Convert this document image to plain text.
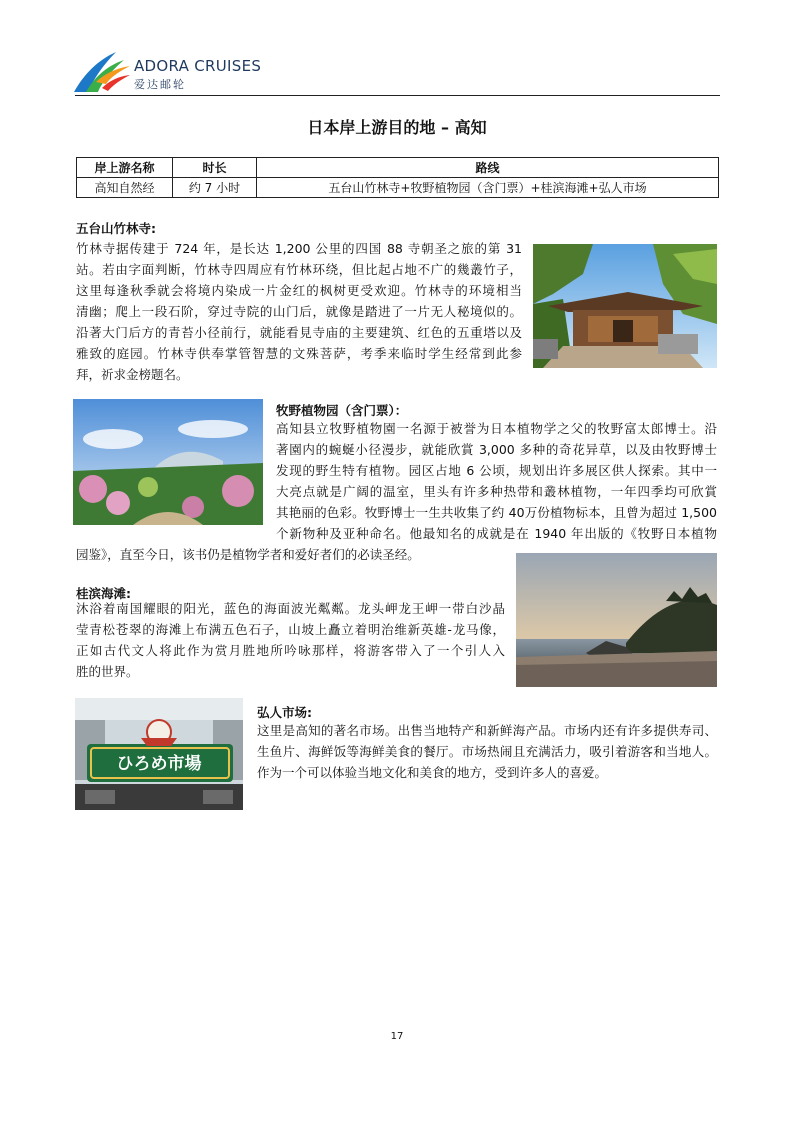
ADORA CRUISES
爱达邮轮
日本岸上游目的地 – 高知
岸上游名称	时长	路线
高知自然经	约 7 小时	五台山竹林寺+牧野植物园（含门票）+桂滨海滩+弘人市场
五台山竹林寺:
竹林寺据传建于 724 年，是长达 1,200 公里的四国 88 寺朝圣之旅的第 31
站。若由字面判断，竹林寺四周应有竹林环绕，但比起占地不广的幾叢竹子，
这里每逢秋季就会将境内染成一片金红的枫树更受欢迎。竹林寺的环境相当
清幽；爬上一段石阶，穿过寺院的山门后，就像是踏进了一片无人秘境似的。
沿著大门后方的青苔小径前行，就能看見寺庙的主要建筑、红色的五重塔以及
雅致的庭园。竹林寺供奉掌管智慧的文殊菩萨，考季来临时学生经常到此参
拜，祈求金榜题名。
牧野植物园（含门票）：
高知县立牧野植物園一名源于被誉为日本植物学之父的牧野富太郎博士。沿
著園内的蜿蜒小径漫步，就能欣賞 3,000 多种的奇花异草，以及由牧野博士
发现的野生特有植物。园区占地 6 公顷，规划出许多展区供人探索。其中一
大亮点就是广阔的温室，里头有许多种热带和叢林植物，一年四季均可欣賞
其艳丽的色彩。牧野博士一生共收集了约 40万份植物标本，且曾为超过 1,500
个新物种及亚种命名。他最知名的成就是在 1940 年出版的《牧野日本植物
园鉴》，直至今日，该书仍是植物学者和爱好者们的必读圣经。
桂滨海滩:
沐浴着南国耀眼的阳光，蓝色的海面波光粼粼。龙头岬龙王岬一带白沙晶
莹青松苍翠的海滩上布满五色石子，山坡上矗立着明治维新英雄-龙马像，
正如古代文人将此作为赏月胜地所吟咏那样，将游客带入了一个引人入
胜的世界。
ひろめ市場
弘人市场:
这里是高知的著名市场。出售当地特产和新鲜海产品。市场内还有许多提供寿司、
生鱼片、海鲜饭等海鲜美食的餐厅。市场热闹且充满活力，吸引着游客和当地人。
作为一个可以体验当地文化和美食的地方，受到许多人的喜爱。
17
